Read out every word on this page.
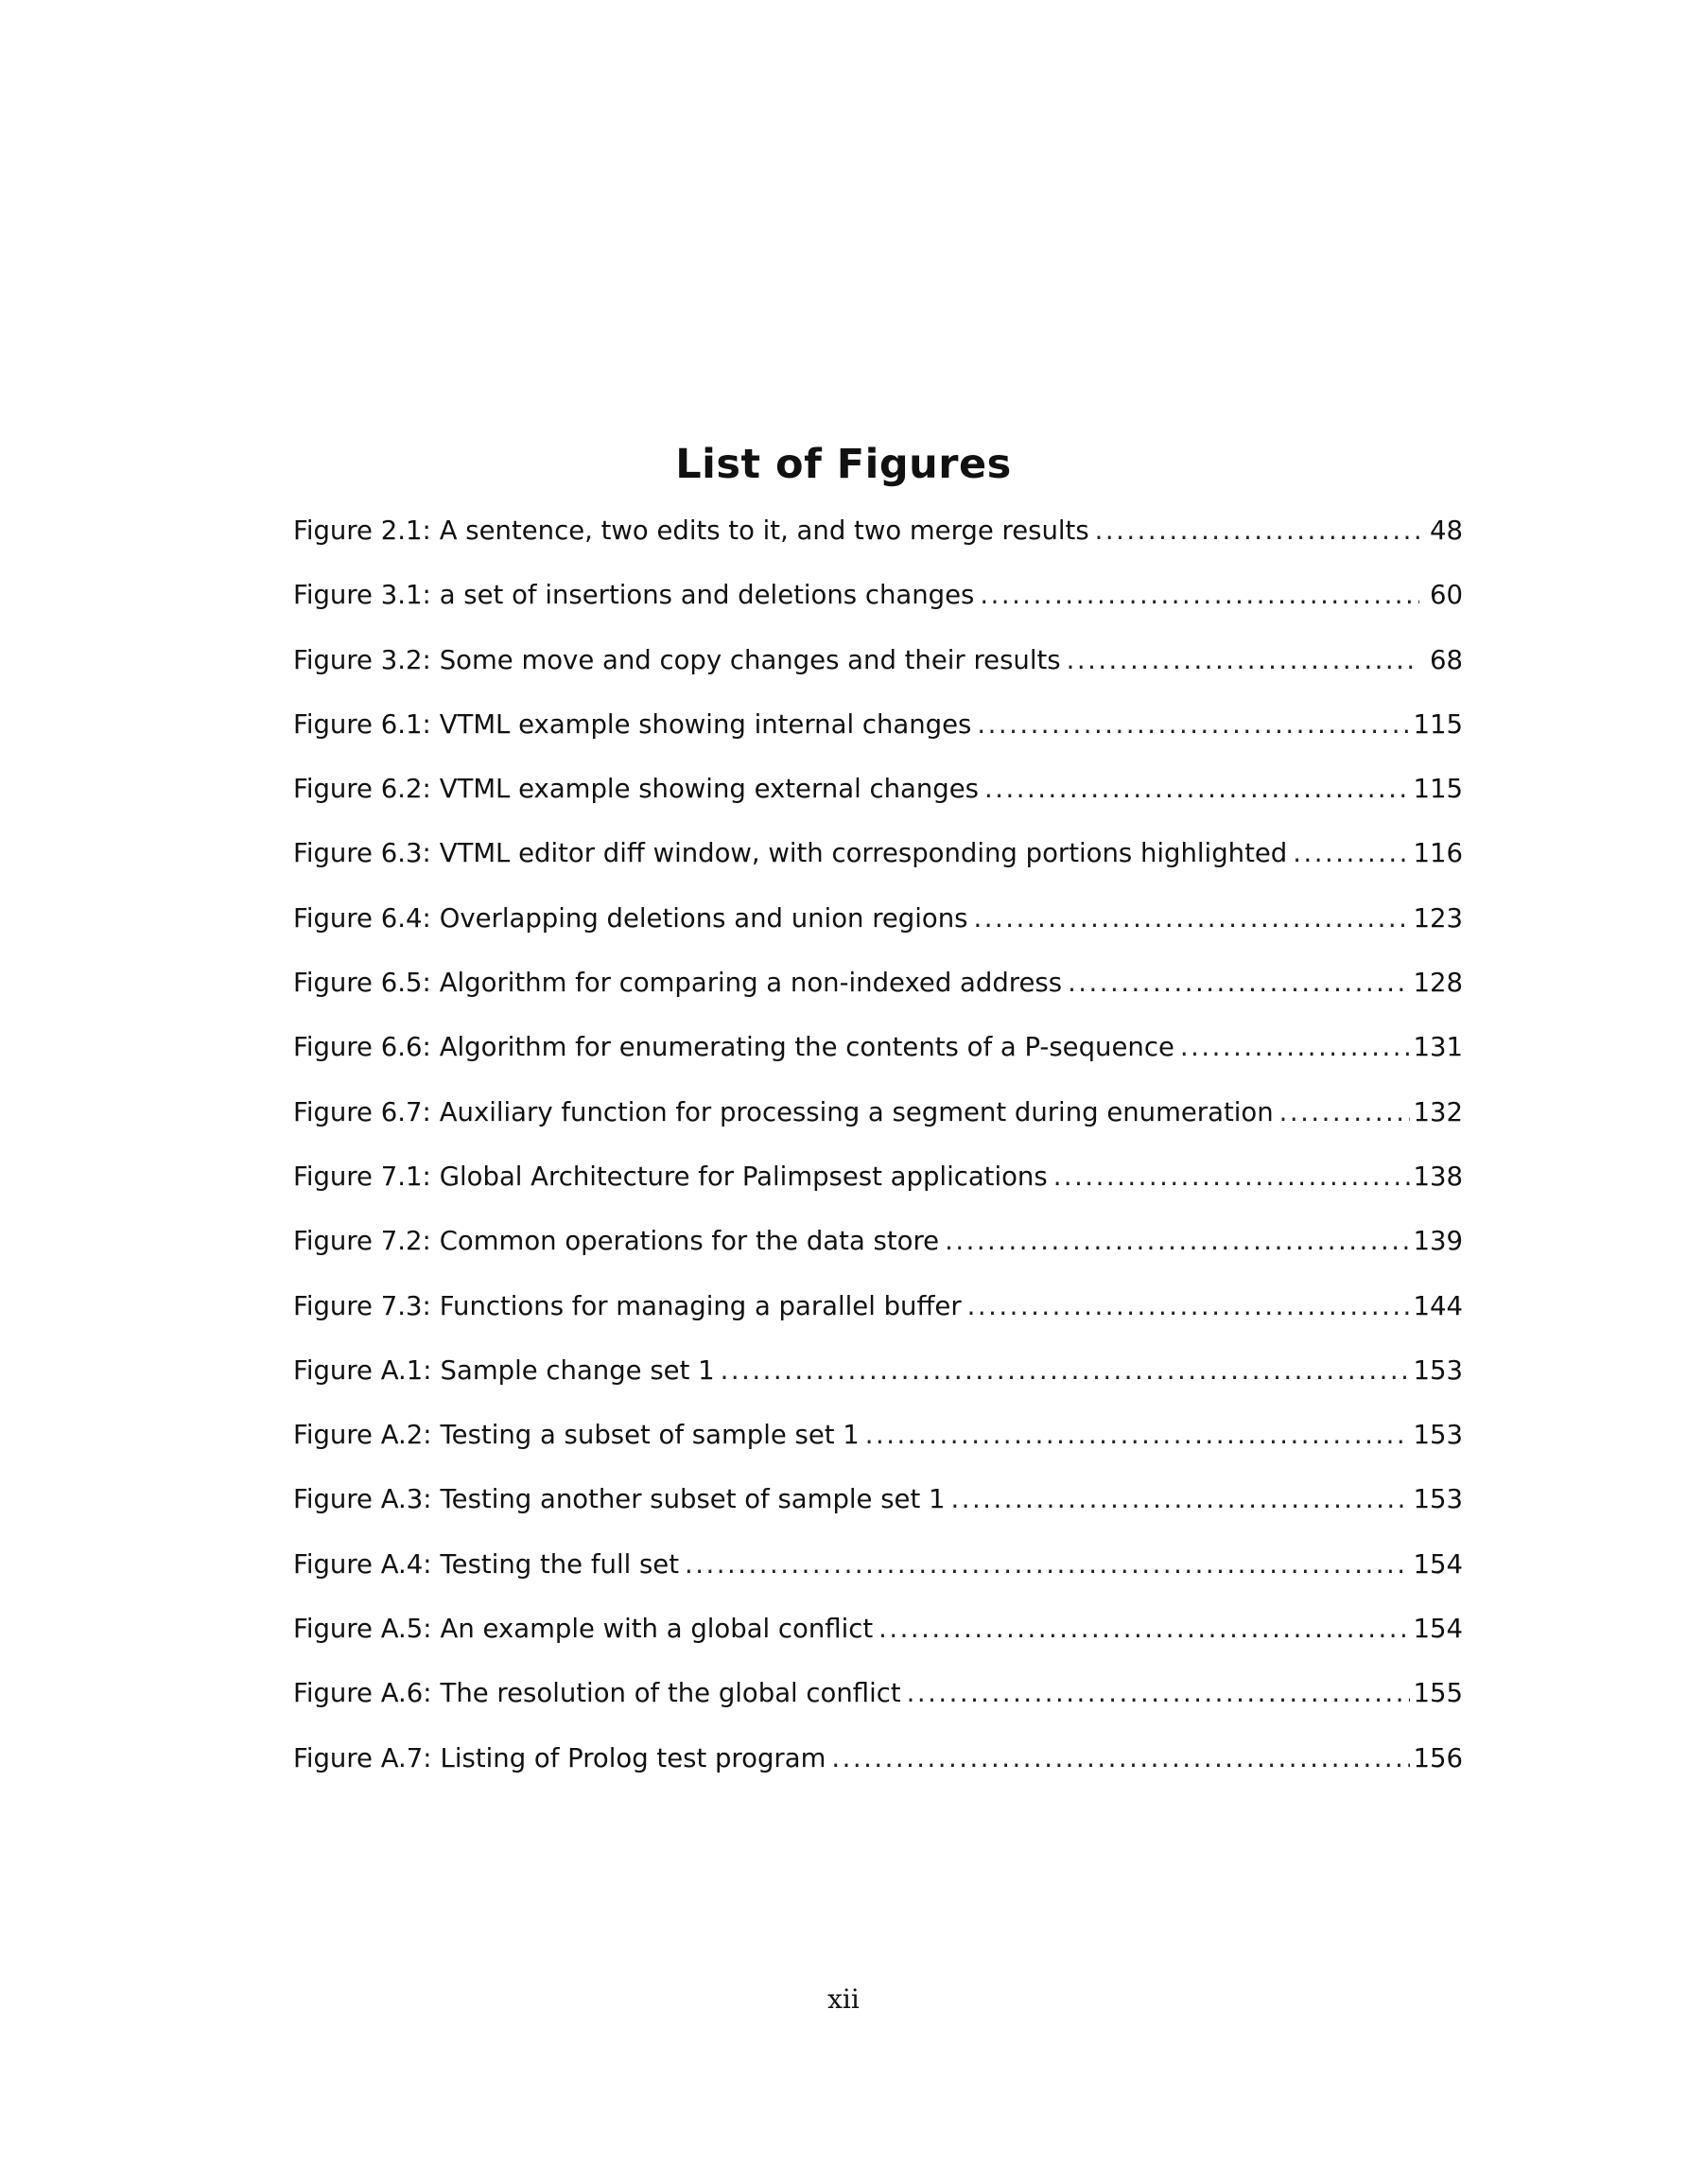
List of Figures
Figure 2.1: A sentence, two edits to it, and two merge results .....	48
Figure 3.1: a set of insertions and deletions changes .....	60
Figure 3.2: Some move and copy changes and their results .....	68
Figure 6.1: VTML example showing internal changes .....	115
Figure 6.2: VTML example showing external changes .....	115
Figure 6.3: VTML editor diff window, with corresponding portions highlighted .....	116
Figure 6.4: Overlapping deletions and union regions .....	123
Figure 6.5: Algorithm for comparing a non-indexed address .....	128
Figure 6.6: Algorithm for enumerating the contents of a P-sequence .....	131
Figure 6.7: Auxiliary function for processing a segment during enumeration .....	132
Figure 7.1: Global Architecture for Palimpsest applications .....	138
Figure 7.2: Common operations for the data store .....	139
Figure 7.3: Functions for managing a parallel buffer .....	144
Figure A.1: Sample change set 1 .....	153
Figure A.2: Testing a subset of sample set 1 .....	153
Figure A.3: Testing another subset of sample set 1 .....	153
Figure A.4: Testing the full set .....	154
Figure A.5: An example with a global conflict .....	154
Figure A.6: The resolution of the global conflict .....	155
Figure A.7: Listing of Prolog test program .....	156
xii
